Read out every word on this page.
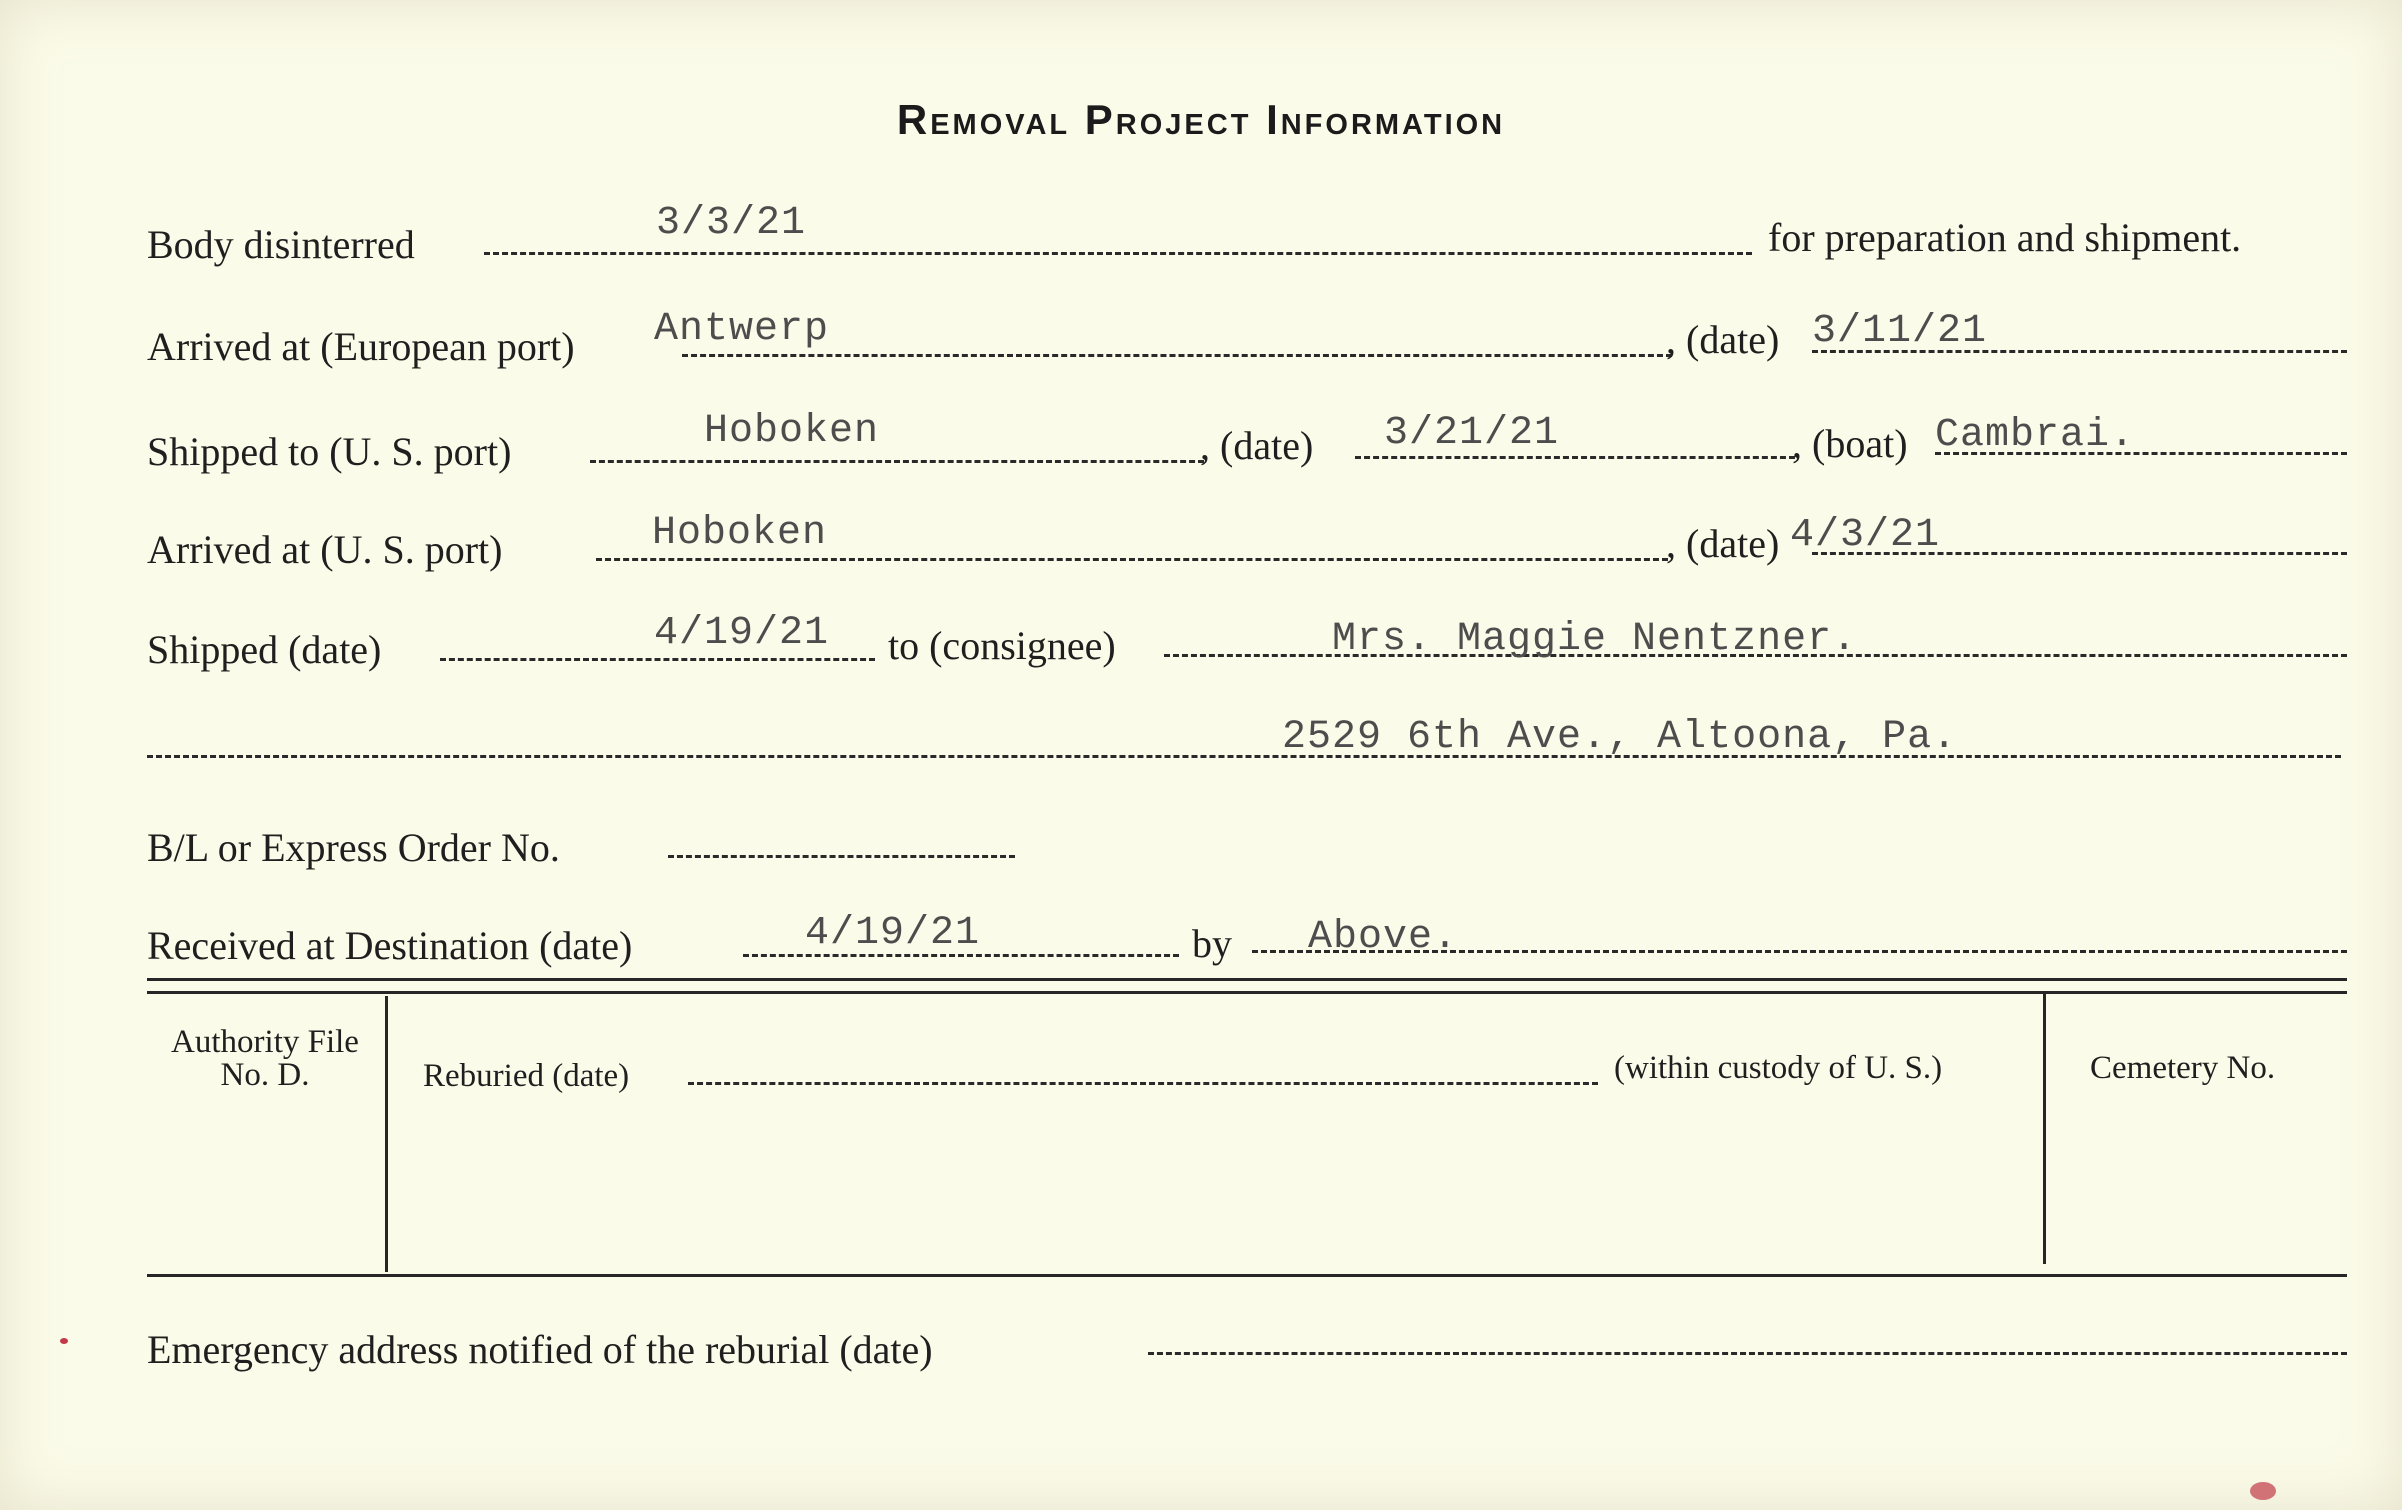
Removal Project Information
Body disinterred	3/3/21	for preparation and shipment.
Arrived at (European port) Antwerp	, (date) 3/11/21
Shipped to (U. S. port)	Hoboken	, (date) 3/21/21	, (boat) Cambrai.
Arrived at (U. S. port)	Hoboken	, (date) 4/3/21
Shipped (date)	4/19/21 to (consignee)	Mrs. Maggie Nentzner.
2529 6th Ave., Altoona, Pa.
B/L or Express Order No.
Received at Destination (date)	4/19/21	by Above.
Authority File No. D.	Reburied (date)	(within custody of U. S.)	Cemetery No.
Emergency address notified of the reburial (date)
